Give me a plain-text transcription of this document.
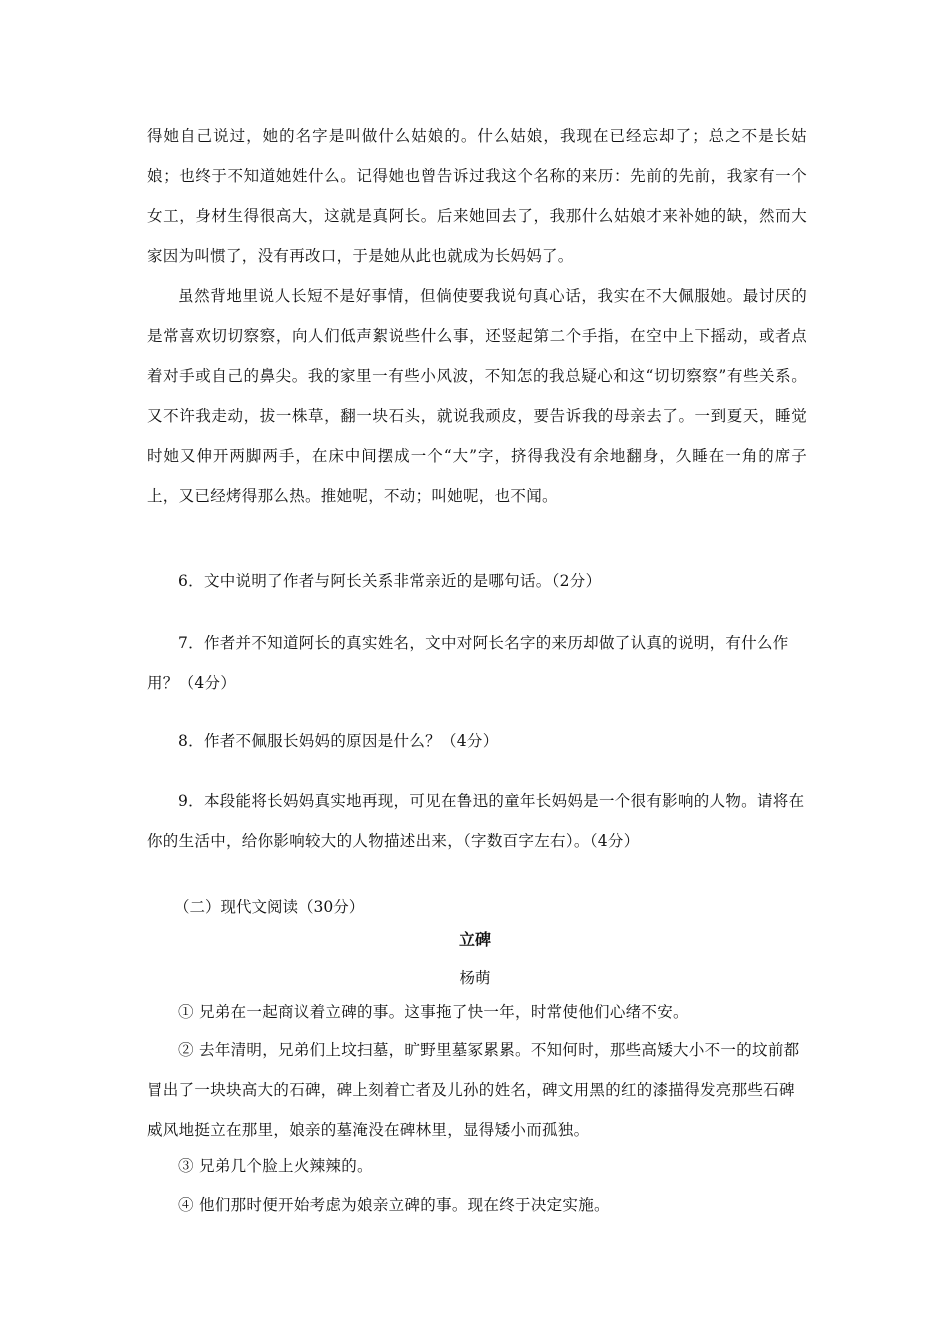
得她自己说过，她的名字是叫做什么姑娘的。什么姑娘，我现在已经忘却了；总之不是长姑娘；也终于不知道她姓什么。记得她也曾告诉过我这个名称的来历：先前的先前，我家有一个女工，身材生得很高大，这就是真阿长。后来她回去了，我那什么姑娘才来补她的缺，然而大家因为叫惯了，没有再改口，于是她从此也就成为长妈妈了。

虽然背地里说人长短不是好事情，但倘使要我说句真心话，我实在不大佩服她。最讨厌的是常喜欢切切察察，向人们低声絮说些什么事，还竖起第二个手指，在空中上下摇动，或者点着对手或自己的鼻尖。我的家里一有些小风波，不知怎的我总疑心和这“切切察察”有些关系。又不许我走动，拔一株草，翻一块石头，就说我顽皮，要告诉我的母亲去了。一到夏天，睡觉时她又伸开两脚两手，在床中间摆成一个“大”字，挤得我没有余地翻身，久睡在一角的席子上，又已经烤得那么热。推她呢，不动；叫她呢，也不闻。

6．文中说明了作者与阿长关系非常亲近的是哪句话。（2分）

7．作者并不知道阿长的真实姓名，文中对阿长名字的来历却做了认真的说明，有什么作用？（4分）

8．作者不佩服长妈妈的原因是什么？（4分）

9．本段能将长妈妈真实地再现，可见在鲁迅的童年长妈妈是一个很有影响的人物。请将在你的生活中，给你影响较大的人物描述出来，（字数百字左右）。（4分）

（二）现代文阅读（30分）

立碑

杨萌

① 兄弟在一起商议着立碑的事。这事拖了快一年，时常使他们心绪不安。

② 去年清明，兄弟们上坟扫墓，旷野里墓冢累累。不知何时，那些高矮大小不一的坟前都冒出了一块块高大的石碑，碑上刻着亡者及儿孙的姓名，碑文用黑的红的漆描得发亮那些石碑威风地挺立在那里，娘亲的墓淹没在碑林里，显得矮小而孤独。

③ 兄弟几个脸上火辣辣的。

④ 他们那时便开始考虑为娘亲立碑的事。现在终于决定实施。
